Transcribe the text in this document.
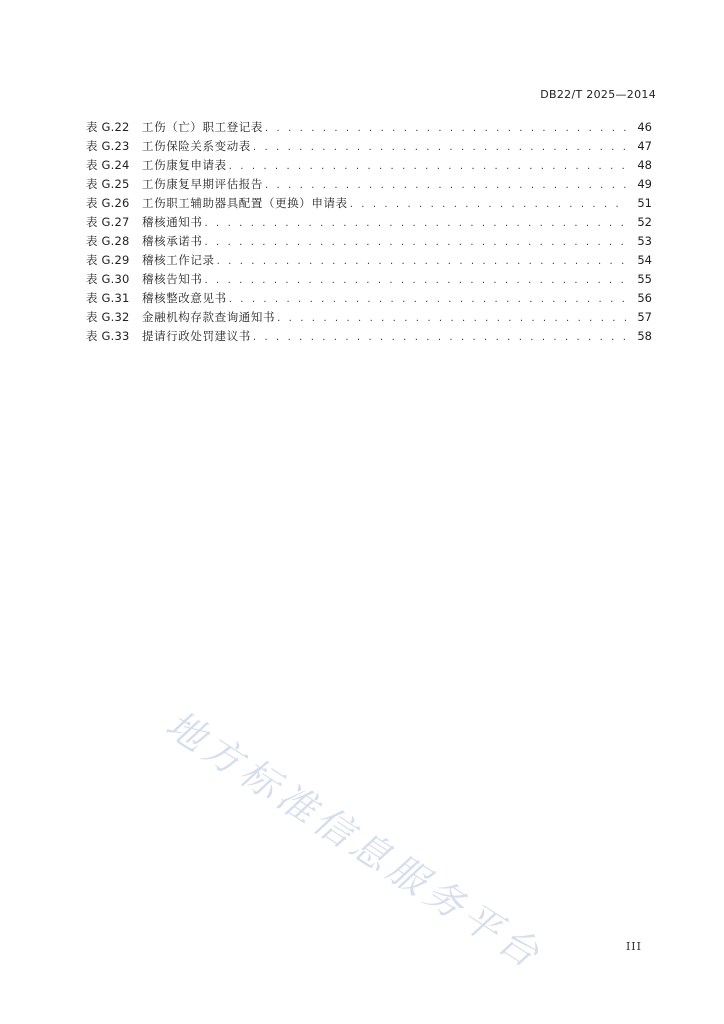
DB22/T 2025—2014
表 G.22	工伤（亡）职工登记表 . . .	46
表 G.23	工伤保险关系变动表 . . .	47
表 G.24	工伤康复申请表 . . .	48
表 G.25	工伤康复早期评估报告 . . .	49
表 G.26	工伤职工辅助器具配置（更换）申请表 . . .	51
表 G.27	稽核通知书 . . .	52
表 G.28	稽核承诺书 . . .	53
表 G.29	稽核工作记录 . . .	54
表 G.30	稽核告知书 . . .	55
表 G.31	稽核整改意见书 . . .	56
表 G.32	金融机构存款查询通知书 . . .	57
表 G.33	提请行政处罚建议书 . . .	58
地方标准信息服务平台	III
